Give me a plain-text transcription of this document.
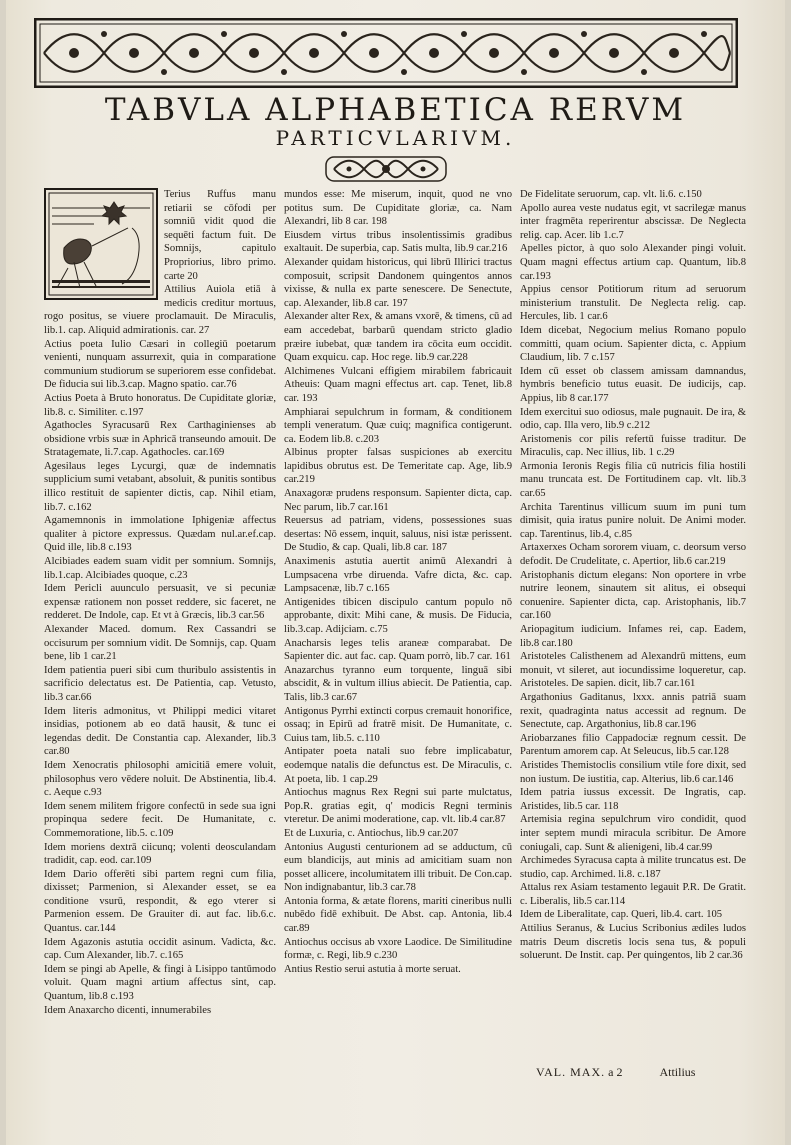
TABVLA ALPHABETICA RERVM
PARTICVLARIVM.

Terius Ruffus manu retiarii se cōfodi per somniū vidit quod die sequēti factum fuit. De Somnijs, capitulo Propriorius, libro primo. carte 20

Attilius Auiola etiā à medicis creditur mortuus, rogo positus, se viuere proclamauit. De Miraculis, lib.1. cap. Aliquid admirationis. car. 27

Actius poeta Iulio Cæsari in collegiū poetarum venienti, nunquam assurrexit, quia in comparatione communium studiorum se superiorem esse confidebat. De fiducia sui lib.3.cap. Magno spatio. car.76

Actius Poeta à Bruto honoratus. De Cupiditate gloriæ, lib.8. c. Similiter. c.197

Agathocles Syracusarū Rex Carthaginienses ab obsidione vrbis suæ in Aphricā transeundo amouit. De Stratagemate, li.7.cap. Agathocles. car.169

Agesilaus leges Lycurgi, quæ de indemnatis supplicium sumi vetabant, absoluit, & punitis sontibus illico restituit de sapienter dictis, cap. Nihil etiam, lib.7. c.162

Agamemnonis in immolatione Iphigeniæ affectus qualiter à pictore expressus. Quædam nul.ar.ef.cap. Quid ille, lib.8 c.193

Alcibiades eadem suam vidit per somnium. Somnijs, lib.1.cap. Alcibiades quoque, c.23

Idem Pericli auunculo persuasit, ve si pecuniæ expensæ rationem non posset reddere, sic faceret, ne redderet. De Indole, cap. Et vt à Græcis, lib.3 car.56

Alexander Maced. domum. Rex Cassandri se occisurum per somnium vidit. De Somnijs, cap. Quam bene, lib 1 car.21

Idem patientia pueri sibi cum thuribulo assistentis in sacrificio delectatus est. De Patientia, cap. Vetusto, lib.3 car.66

Idem literis admonitus, vt Philippi medici vitaret insidias, potionem ab eo datā hausit, & tunc ei legendas dedit. De Constantia cap. Alexander, lib.3 car.80

Idem Xenocratis philosophi amicitiā emere voluit, philosophus vero vēdere noluit. De Abstinentia, lib.4. c. Aeque c.93

Idem senem militem frigore confectū in sede sua igni propinqua sedere fecit. De Humanitate, c. Commemoratione, lib.5. c.109

Idem moriens dextrā ciicunq; volenti deosculandam tradidit, cap. eod. car.109

Idem Dario offerēti sibi partem regni cum filia, dixisset; Parmenion, si Alexander esset, se ea conditione vsurū, respondit, & ego vterer si Parmenion essem. De Grauiter di. aut fac. lib.6.c. Quantus. car.144

Idem Agazonis astutia occidit asinum. Vadicta, &c. cap. Cum Alexander, lib.7. c.165

Idem se pingi ab Apelle, & fingi à Lisippo tantūmodo voluit. Quam magni artium affectus sint, cap. Quantum, lib.8 c.193

Idem Anaxarcho dicenti, innumerabiles

mundos esse: Me miserum, inquit, quod ne vno potitus sum. De Cupiditate gloriæ, ca. Nam Alexandri, lib 8 car. 198

Eiusdem virtus tribus insolentissimis gradibus exaltauit. De superbia, cap. Satis multa, lib.9 car.216

Alexander quidam historicus, qui librū Illirici tractus composuit, scripsit Dandonem quingentos annos vixisse, & nulla ex parte senescere. De Senectute, cap. Alexander, lib.8 car. 197

Alexander alter Rex, & amans vxorē, & timens, cū ad eam accedebat, barbarū quendam stricto gladio præire iubebat, quæ tandem ira cōcita eum occidit. Quam exquicu. cap. Hoc rege. lib.9 car.228

Alchimenes Vulcani effigiem mirabilem fabricauit Atheuis: Quam magni effectus art. cap. Tenet, lib.8 car. 193

Amphiarai sepulchrum in formam, & conditionem templi veneratum. Quæ cuiq; magnifica contigerunt. ca. Eodem lib.8. c.203

Albinus propter falsas suspiciones ab exercitu lapidibus obrutus est. De Temeritate cap. Age, lib.9 car.219

Anaxagoræ prudens responsum. Sapienter dicta, cap. Nec parum, lib.7 car.161

Reuersus ad patriam, videns, possessiones suas desertas: Nō essem, inquit, saluus, nisi istæ perissent. De Studio, & cap. Quali, lib.8 car. 187

Anaximenis astutia auertit animū Alexandri à Lumpsacena vrbe diruenda. Vafre dicta, &c. cap. Lampsacenæ, lib.7 c.165

Antigenides tibicen discipulo cantum populo nō approbante, dixit: Mihi cane, & musis. De Fiducia, lib.3.cap. Adijciam. c.75

Anacharsis leges telis araneæ comparabat. De Sapienter dic. aut fac. cap. Quam porrò, lib.7 car. 161

Anazarchus tyranno eum torquente, linguā sibi abscidit, & in vultum illius abiecit. De Patientia, cap. Talis, lib.3 car.67

Antigonus Pyrrhi extincti corpus cremauit honorifice, ossaq; in Epirū ad fratrē misit. De Humanitate, c. Cuius tam, lib.5. c.110

Antipater poeta natali suo febre implicabatur, eodemque natalis die defunctus est. De Miraculis, c. At poeta, lib. 1 cap.29

Antiochus magnus Rex Regni sui parte mulctatus, Pop.R. gratias egit, q' modicis Regni terminis vteretur. De animi moderatione, cap. vlt. lib.4 car.87

Et de Luxuria, c. Antiochus, lib.9 car.207

Antonius Augusti centurionem ad se adductum, cū eum blandicijs, aut minis ad amicitiam suam non posset allicere, incolumitatem illi tribuit. De Con.cap. Non indignabantur, lib.3 car.78

Antonia forma, & ætate florens, mariti cineribus nulli nubēdo fidē exhibuit. De Abst. cap. Antonia, lib.4 car.89

Antiochus occisus ab vxore Laodice. De Similitudine formæ, c. Regi, lib.9 c.230

Antius Restio serui astutia à morte seruat.

De Fidelitate seruorum, cap. vlt. li.6. c.150

Apollo aurea veste nudatus egit, vt sacrilegæ manus inter fragmēta reperirentur abscissæ. De Neglecta relig. cap. Acer. lib 1.c.7

Apelles pictor, à quo solo Alexander pingi voluit. Quam magni effectus artium cap. Quantum, lib.8 car.193

Appius censor Potitiorum ritum ad seruorum ministerium transtulit. De Neglecta relig. cap. Hercules, lib. 1 car.6

Idem dicebat, Negocium melius Romano populo committi, quam ocium. Sapienter dicta, c. Appium Claudium, lib. 7 c.157

Idem cū esset ob classem amissam damnandus, hymbris beneficio tutus euasit. De iudicijs, cap. Appius, lib 8 car.177

Idem exercitui suo odiosus, male pugnauit. De ira, & odio, cap. Illa vero, lib.9 c.212

Aristomenis cor pilis refertū fuisse traditur. De Miraculis, cap. Nec illius, lib. 1 c.29

Armonia Ieronis Regis filia cū nutricis filia hostili manu truncata est. De Fortitudinem cap. vlt. lib.3 car.65

Archita Tarentinus villicum suum im puni tum dimisit, quia iratus punire noluit. De Animi moder. cap. Tarentinus, lib.4, c.85

Artaxerxes Ocham sororem viuam, c. deorsum verso defodit. De Crudelitate, c. Apertior, lib.6 car.219

Aristophanis dictum elegans: Non oportere in vrbe nutrire leonem, sinautem sit alitus, ei obsequi conuenire. Sapienter dicta, cap. Aristophanis, lib.7 car.160

Ariopagitum iudicium. Infames rei, cap. Eadem, lib.8 car.180

Aristoteles Calisthenem ad Alexandrū mittens, eum monuit, vt sileret, aut iocundissime loqueretur, cap. Aristoteles. De sapien. dicit, lib.7 car.161

Argathonius Gaditanus, lxxx. annis patriā suam rexit, quadraginta natus accessit ad regnum. De Senectute, cap. Argathonius, lib.8 car.196

Ariobarzanes filio Cappadociæ regnum cessit. De Parentum amorem cap. At Seleucus, lib.5 car.128

Aristides Themistoclis consilium vtile fore dixit, sed non iustum. De iustitia, cap. Alterius, lib.6 car.146

Idem patria iussus excessit. De Ingratis, cap. Aristides, lib.5 car. 118

Artemisia regina sepulchrum viro condidit, quod inter septem mundi miracula scribitur. De Amore coniugali, cap. Sunt & alienigeni, lib.4 car.99

Archimedes Syracusa capta à milite truncatus est. De studio, cap. Archimed. li.8. c.187

Attalus rex Asiam testamento legauit P.R. De Gratit. c. Liberalis, lib.5 car.114

Idem de Liberalitate, cap. Queri, lib.4. cart. 105

Attilius Seranus, & Lucius Scribonius ædiles ludos matris Deum discretis locis sena tus, & populi soluerunt. De Instit. cap. Per quingentos, lib 2 car.36

VAL. MAX. a 2	Attilius
